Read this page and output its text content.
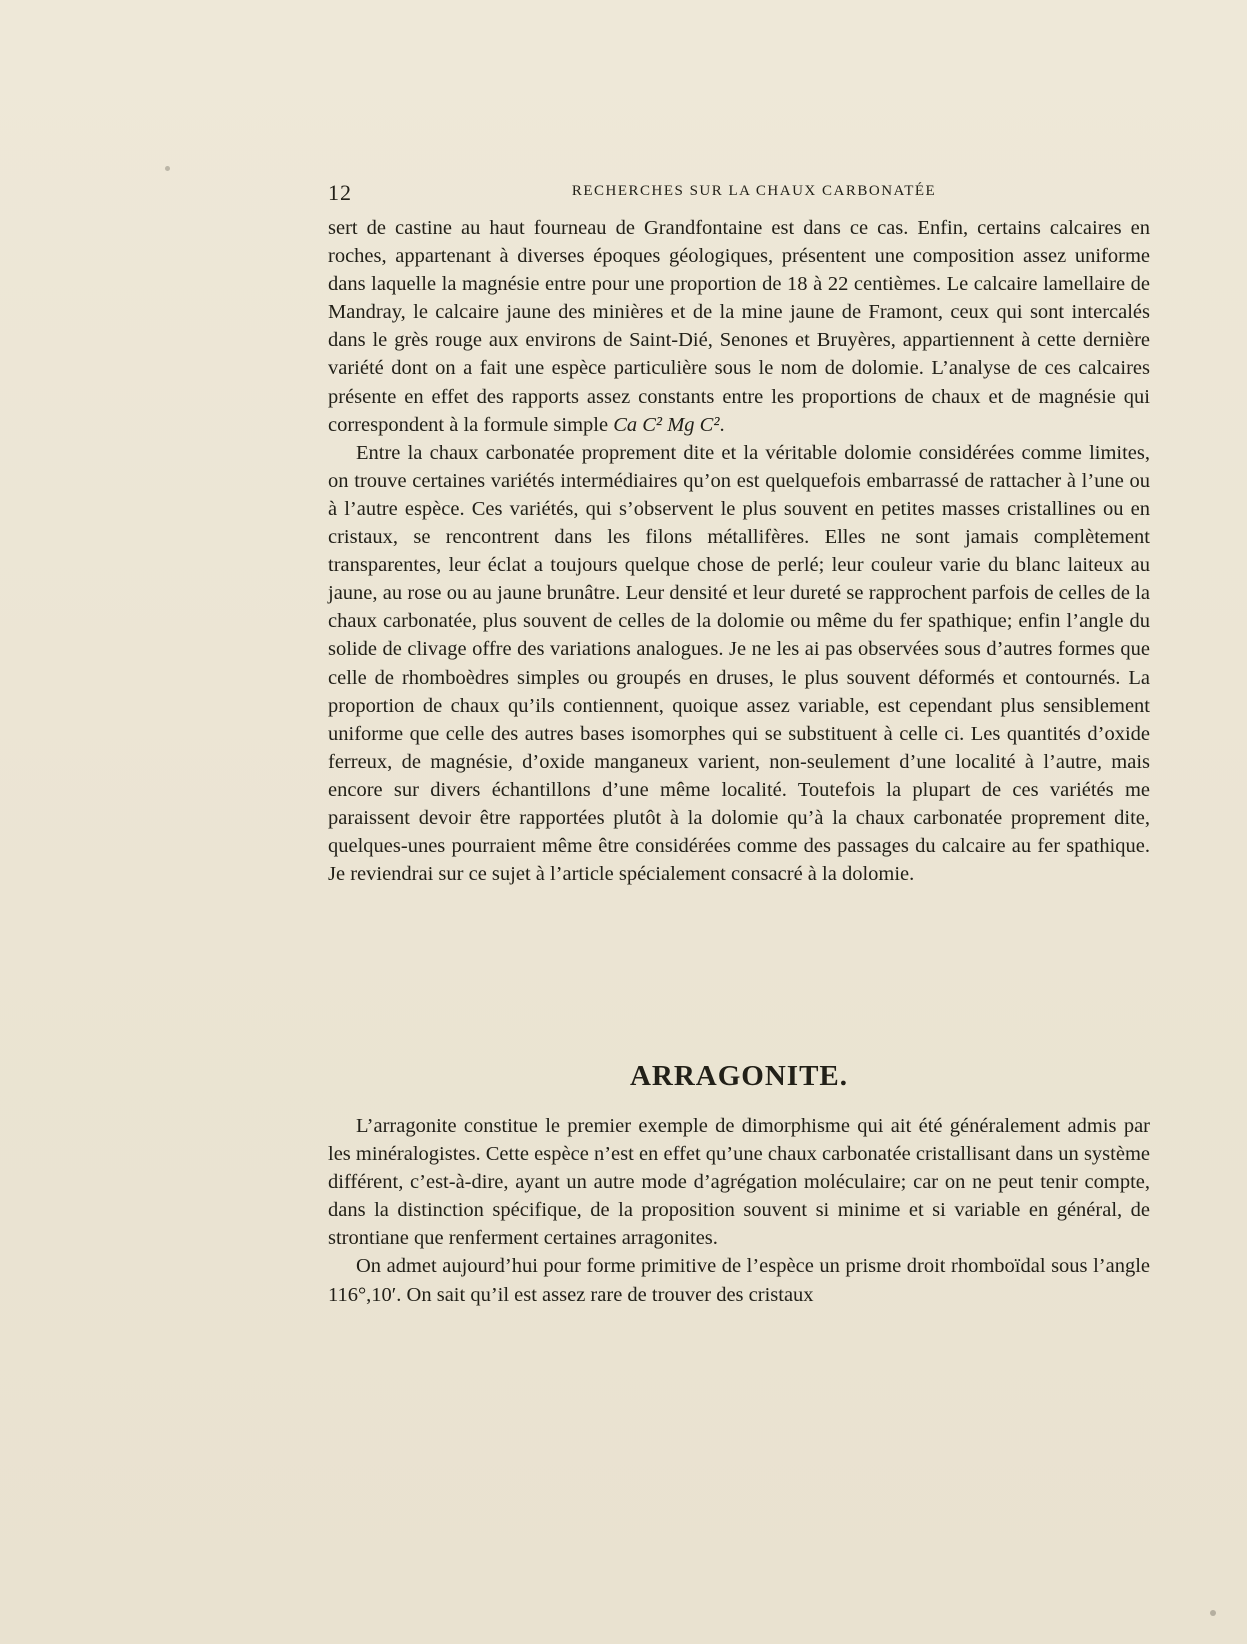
12	RECHERCHES SUR LA CHAUX CARBONATÉE

sert de castine au haut fourneau de Grandfontaine est dans ce cas. Enfin, certains calcaires en roches, appartenant à diverses époques géologiques, présentent une composition assez uniforme dans laquelle la magnésie entre pour une proportion de 18 à 22 centièmes. Le calcaire lamellaire de Mandray, le calcaire jaune des minières et de la mine jaune de Framont, ceux qui sont intercalés dans le grès rouge aux environs de Saint-Dié, Senones et Bruyères, appartiennent à cette dernière variété dont on a fait une espèce particulière sous le nom de dolomie. L’analyse de ces calcaires présente en effet des rapports assez constants entre les proportions de chaux et de magnésie qui correspondent à la formule simple Ca C² Mg C².

Entre la chaux carbonatée proprement dite et la véritable dolomie considérées comme limites, on trouve certaines variétés intermédiaires qu’on est quelquefois embarrassé de rattacher à l’une ou à l’autre espèce. Ces variétés, qui s’observent le plus souvent en petites masses cristallines ou en cristaux, se rencontrent dans les filons métallifères. Elles ne sont jamais complètement transparentes, leur éclat a toujours quelque chose de perlé; leur couleur varie du blanc laiteux au jaune, au rose ou au jaune brunâtre. Leur densité et leur dureté se rapprochent parfois de celles de la chaux carbonatée, plus souvent de celles de la dolomie ou même du fer spathique; enfin l’angle du solide de clivage offre des variations analogues. Je ne les ai pas observées sous d’autres formes que celle de rhomboèdres simples ou groupés en druses, le plus souvent déformés et contournés. La proportion de chaux qu’ils contiennent, quoique assez variable, est cependant plus sensiblement uniforme que celle des autres bases isomorphes qui se substituent à celle ci. Les quantités d’oxide ferreux, de magnésie, d’oxide manganeux varient, non-seulement d’une localité à l’autre, mais encore sur divers échantillons d’une même localité. Toutefois la plupart de ces variétés me paraissent devoir être rapportées plutôt à la dolomie qu’à la chaux carbonatée proprement dite, quelques-unes pourraient même être considérées comme des passages du calcaire au fer spathique. Je reviendrai sur ce sujet à l’article spécialement consacré à la dolomie.

ARRAGONITE.

L’arragonite constitue le premier exemple de dimorphisme qui ait été généralement admis par les minéralogistes. Cette espèce n’est en effet qu’une chaux carbonatée cristallisant dans un système différent, c’est-à-dire, ayant un autre mode d’agrégation moléculaire; car on ne peut tenir compte, dans la distinction spécifique, de la proposition souvent si minime et si variable en général, de strontiane que renferment certaines arragonites.

On admet aujourd’hui pour forme primitive de l’espèce un prisme droit rhomboïdal sous l’angle 116°,10′. On sait qu’il est assez rare de trouver des cristaux
